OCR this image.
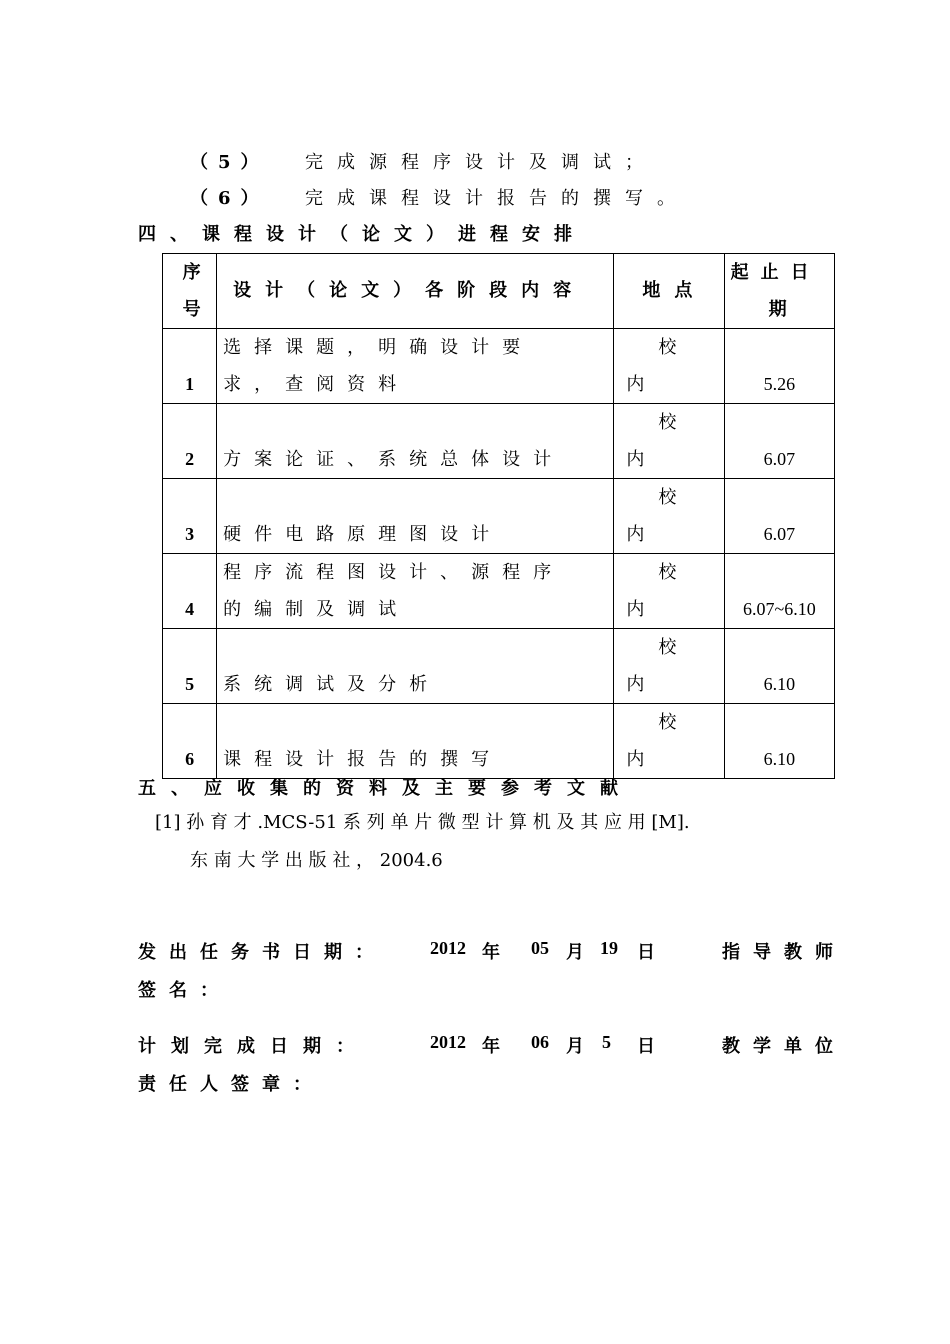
（5） 完成源程序设计及调试；
（6） 完成课程设计报告的撰写。
四、课程设计（论文）进程安排
序
号	设计（论文）各阶段内容	地点	起止日
期

1	选择课题，明确设计要
求，查阅资料	校
内	5.26

2	方案论证、系统总体设计	校
内	6.07

3	硬件电路原理图设计	校
内	6.07

4	程序流程图设计、源程序
的编制及调试	校
内	6.07~6.10

5	系统调试及分析	校
内	6.10

6	课程设计报告的撰写	校
内	6.10
五、应收集的资料及主要参考文献
[1] 孙 育 才 .MCS-51 系 列 单 片 微 型 计 算 机 及 其 应 用 [M].
东 南 大 学 出 版 社 ， 2004.6
发出任务书日期： 2012 年 05 月 19 日	指导教师
签名：
计划完成日期：	2012 年 06 月 5 日	教学单位
责任人签章：
